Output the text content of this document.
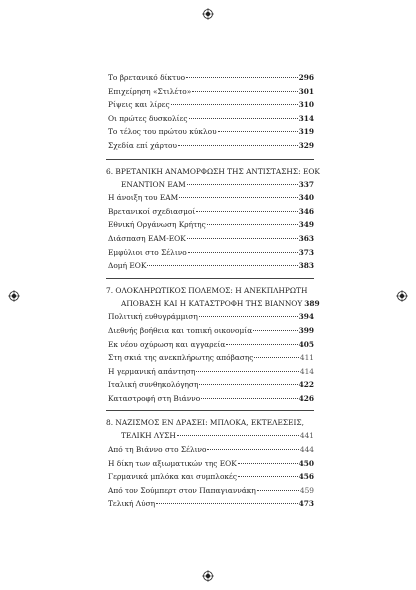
Το βρετανικό δίκτυο	296
Επιχείρηση «Στιλέτο»	301
Ρίψεις και λίρες	310
Οι πρώτες δυσκολίες	314
Το τέλος του πρώτου κύκλου	319
Σχεδία επί χάρτου	329
6. ΒΡΕΤΑΝΙΚΗ ΑΝΑΜΟΡΦΩΣΗ ΤΗΣ ΑΝΤΙΣΤΑΣΗΣ: ΕΟΚ
ΕΝΑΝΤΙΟΝ ΕΑΜ	337
Η άνοιξη του ΕΑΜ	340
Βρετανικοί σχεδιασμοί	346
Εθνική Οργάνωση Κρήτης	349
Διάσπαση ΕΑΜ-ΕΟΚ	363
Εμφύλιοι στο Σέλινο	373
Δομή ΕΟΚ	383
7. ΟΛΟΚΛΗΡΩΤΙΚΟΣ ΠΟΛΕΜΟΣ: Η ΑΝΕΚΠΛΗΡΩΤΗ
ΑΠΟΒΑΣΗ ΚΑΙ Η ΚΑΤΑΣΤΡΟΦΗ ΤΗΣ ΒΙΑΝΝΟΥ 389
Πολιτική ευθυγράμμιση	394
Διεθνής βοήθεια και τοπική οικονομία	399
Εκ νέου οχύρωση και αγγαρεία	405
Στη σκιά της ανεκπλήρωτης απόβασης	411
Η γερμανική απάντηση	414
Ιταλική συνθηκολόγηση	422
Καταστροφή στη Βιάννο	426
8. ΝΑΖΙΣΜΟΣ ΕΝ ΔΡΑΣΕΙ: ΜΠΛΟΚΑ, ΕΚΤΕΛΕΣΕΙΣ,
ΤΕΛΙΚΗ ΛΥΣΗ	441
Από τη Βιάννο στο Σέλινο	444
Η δίκη των αξιωματικών της ΕΟΚ	450
Γερμανικά μπλόκα και συμπλοκές	456
Από τον Σούμπερτ στον Παπαγιαννάκη	459
Τελική Λύση	473
